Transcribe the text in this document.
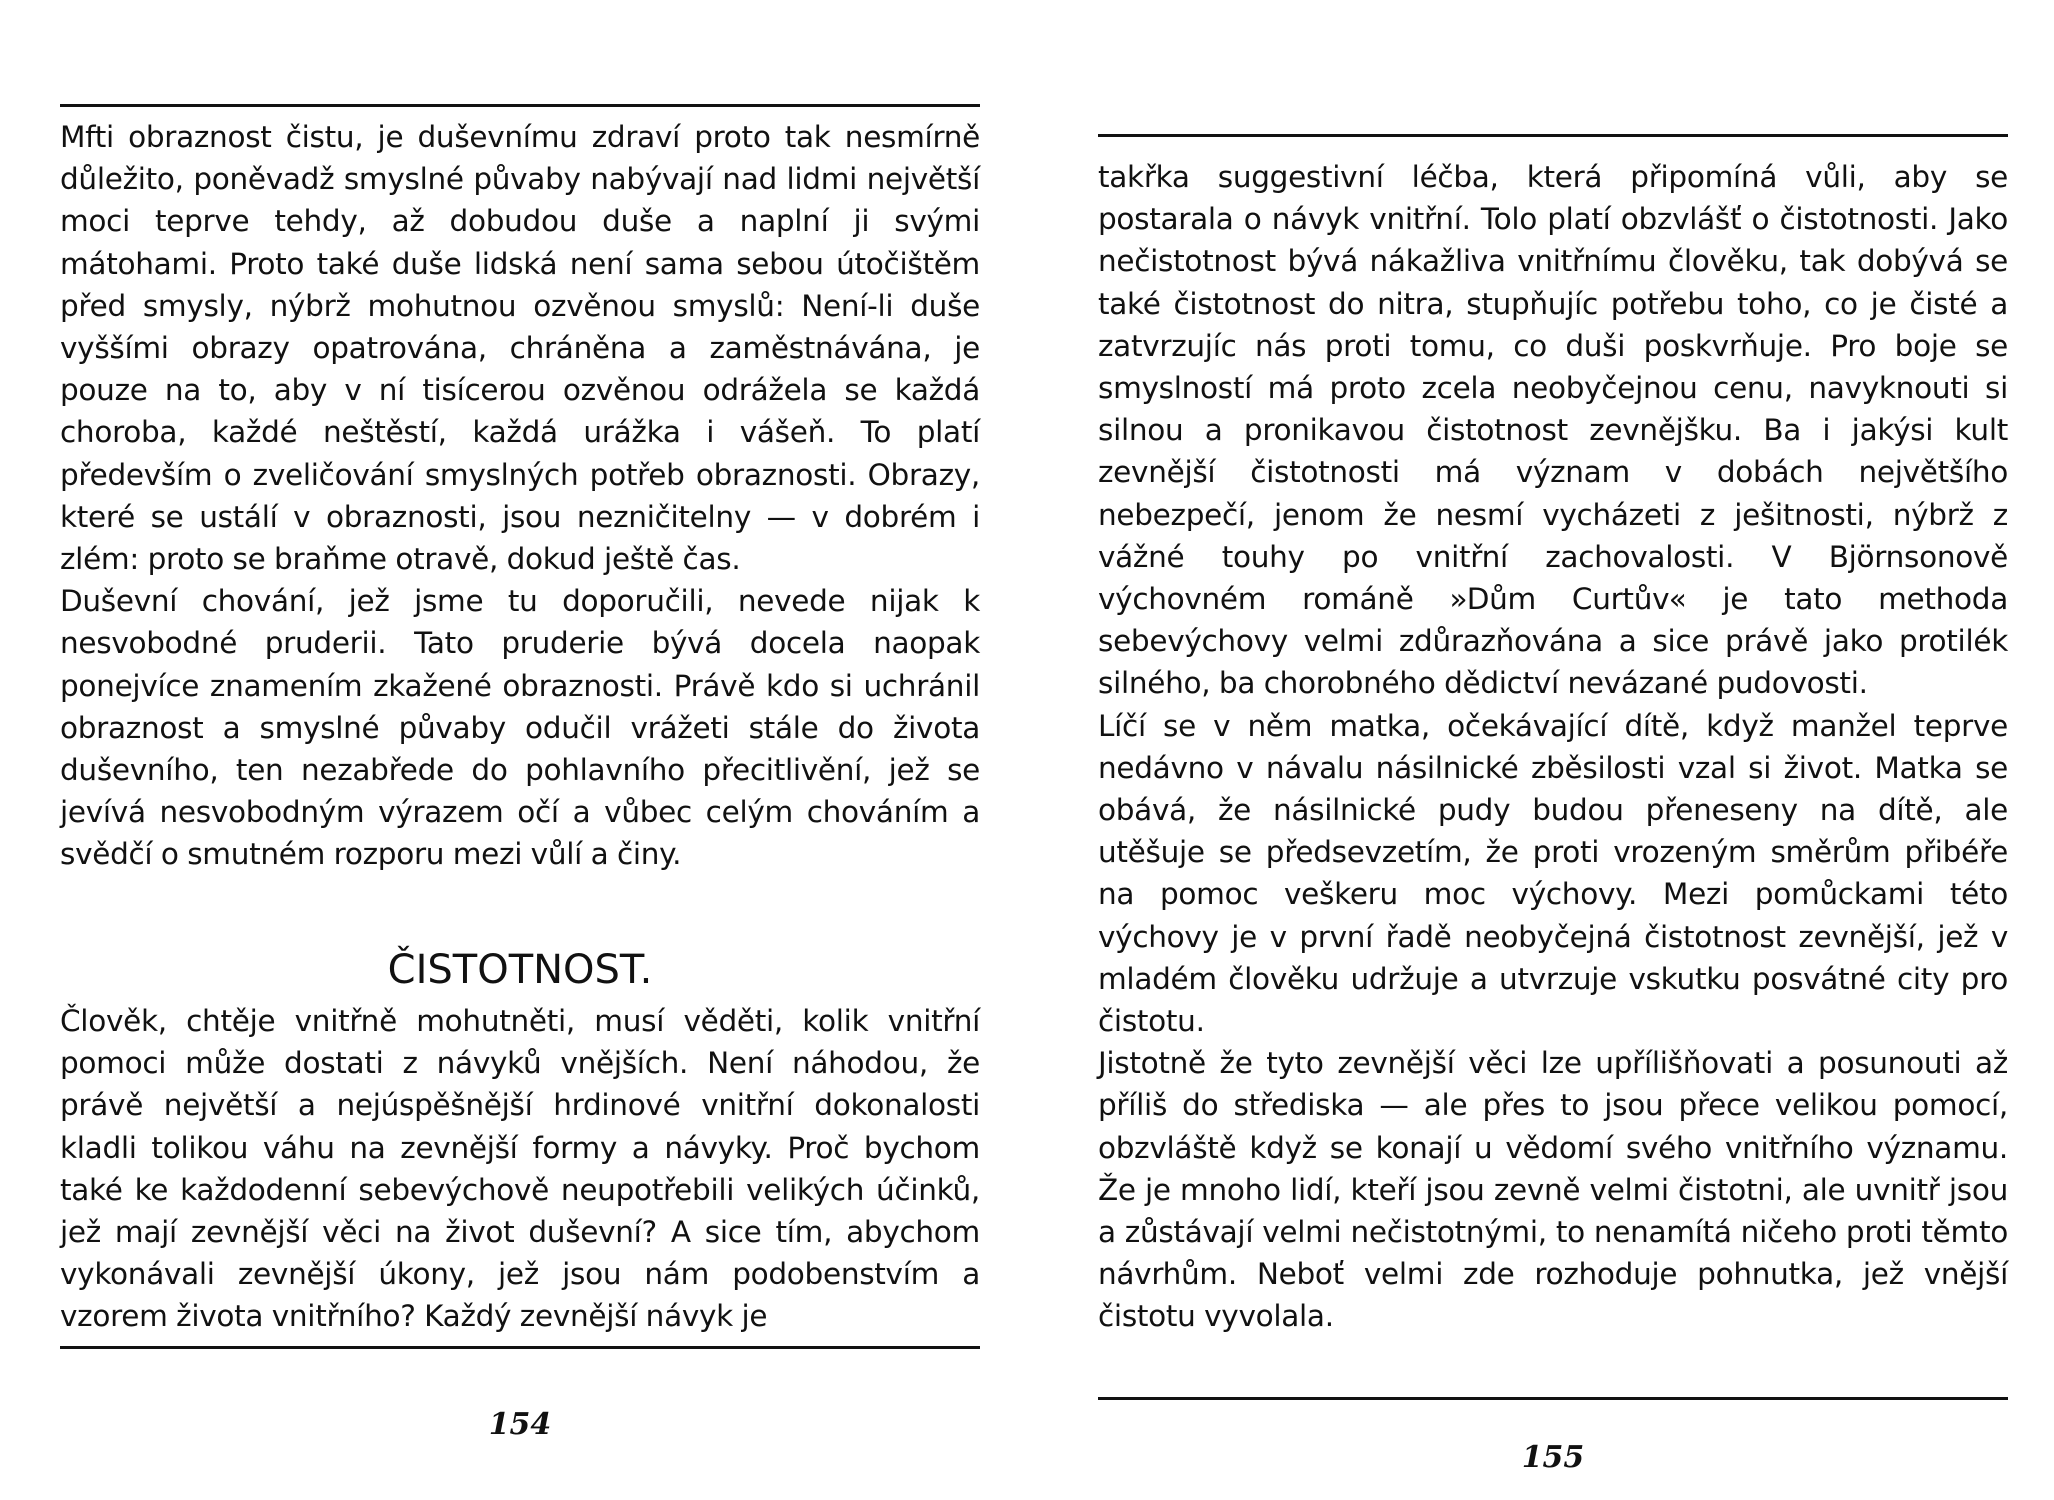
Mfti obraznost čistu, je duševnímu zdraví proto tak nesmírně důležito, poněvadž smyslné půvaby nabývají nad lidmi největší moci teprve tehdy, až dobudou duše a naplní ji svými mátohami. Proto také duše lidská není sama sebou útočištěm před smysly, nýbrž mohutnou ozvěnou smyslů: Není-li duše vyššími obrazy opatrována, chráněna a zaměstnávána, je pouze na to, aby v ní tisícerou ozvěnou odrážela se každá choroba, každé neštěstí, každá urážka i vášeň. To platí především o zveličování smyslných potřeb obraznosti. Obrazy, které se ustálí v obraznosti, jsou nezničitelny — v dobrém i zlém: proto se braňme otravě, dokud ještě čas.

Duševní chování, jež jsme tu doporučili, nevede nijak k nesvobodné pruderii. Tato pruderie bývá docela naopak ponejvíce znamením zkažené obraznosti. Právě kdo si uchránil obraznost a smyslné půvaby odučil vrážeti stále do života duševního, ten nezabřede do pohlavního přecitlivění, jež se jevívá nesvobodným výrazem očí a vůbec celým chováním a svědčí o smutném rozporu mezi vůlí a činy.

ČISTOTNOST.

Člověk, chtěje vnitřně mohutněti, musí věděti, kolik vnitřní pomoci může dostati z návyků vnějších. Není náhodou, že právě největší a nejúspěšnější hrdinové vnitřní dokonalosti kladli tolikou váhu na zevnější formy a návyky. Proč bychom také ke každodenní sebevýchově neupotřebili velikých účinků, jež mají zevnější věci na život duševní? A sice tím, abychom vykonávali zevnější úkony, jež jsou nám podobenstvím a vzorem života vnitřního? Každý zevnější návyk je

154

takřka suggestivní léčba, která připomíná vůli, aby se postarala o návyk vnitřní. Tolo platí obzvlášť o čistotnosti. Jako nečistotnost bývá nákažliva vnitřnímu člověku, tak dobývá se také čistotnost do nitra, stupňujíc potřebu toho, co je čisté a zatvrzujíc nás proti tomu, co duši poskvrňuje. Pro boje se smyslností má proto zcela neobyčejnou cenu, navyknouti si silnou a pronikavou čistotnost zevnějšku. Ba i jakýsi kult zevnější čistotnosti má význam v dobách největšího nebezpečí, jenom že nesmí vycházeti z ješitnosti, nýbrž z vážné touhy po vnitřní zachovalosti. V Björnsonově výchovném románě »Dům Curtův« je tato methoda sebevýchovy velmi zdůrazňována a sice právě jako protilék silného, ba chorobného dědictví nevázané pudovosti.

Líčí se v něm matka, očekávající dítě, když manžel teprve nedávno v návalu násilnické zběsilosti vzal si život. Matka se obává, že násilnické pudy budou přeneseny na dítě, ale utěšuje se předsevzetím, že proti vrozeným směrům přibéře na pomoc veškeru moc výchovy. Mezi pomůckami této výchovy je v první řadě neobyčejná čistotnost zevnější, jež v mladém člověku udržuje a utvrzuje vskutku posvátné city pro čistotu.

Jistotně že tyto zevnější věci lze upřílišňovati a posunouti až příliš do střediska — ale přes to jsou přece velikou pomocí, obzvláště když se konají u vědomí svého vnitřního významu. Že je mnoho lidí, kteří jsou zevně velmi čistotni, ale uvnitř jsou a zůstávají velmi nečistotnými, to nenamítá ničeho proti těmto návrhům. Neboť velmi zde rozhoduje pohnutka, jež vnější čistotu vyvolala.

155
